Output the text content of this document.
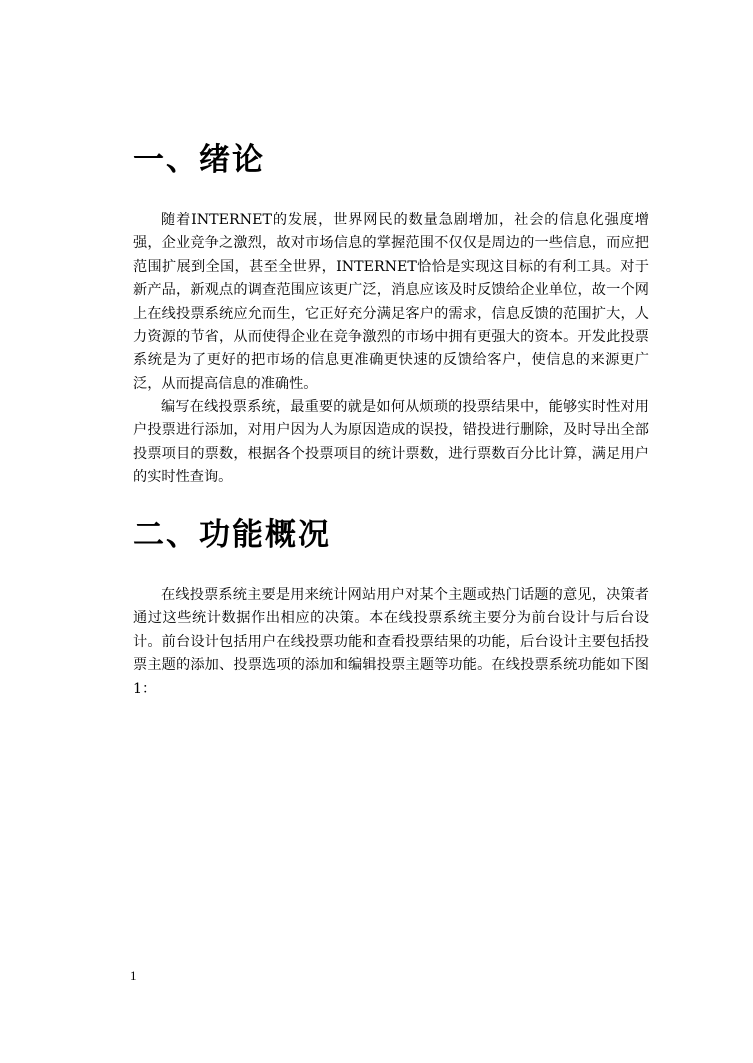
一、绪论

随着INTERNET的发展，世界网民的数量急剧增加，社会的信息化强度增强，企业竞争之激烈，故对市场信息的掌握范围不仅仅是周边的一些信息，而应把范围扩展到全国，甚至全世界，INTERNET恰恰是实现这目标的有利工具。对于新产品，新观点的调查范围应该更广泛，消息应该及时反馈给企业单位，故一个网上在线投票系统应允而生，它正好充分满足客户的需求，信息反馈的范围扩大，人力资源的节省，从而使得企业在竞争激烈的市场中拥有更强大的资本。开发此投票系统是为了更好的把市场的信息更准确更快速的反馈给客户，使信息的来源更广泛，从而提高信息的准确性。

编写在线投票系统，最重要的就是如何从烦琐的投票结果中，能够实时性对用户投票进行添加，对用户因为人为原因造成的误投，错投进行删除，及时导出全部投票项目的票数，根据各个投票项目的统计票数，进行票数百分比计算，满足用户的实时性查询。

二、功能概况

在线投票系统主要是用来统计网站用户对某个主题或热门话题的意见，决策者通过这些统计数据作出相应的决策。本在线投票系统主要分为前台设计与后台设计。前台设计包括用户在线投票功能和查看投票结果的功能，后台设计主要包括投票主题的添加、投票选项的添加和编辑投票主题等功能。在线投票系统功能如下图1：

1
